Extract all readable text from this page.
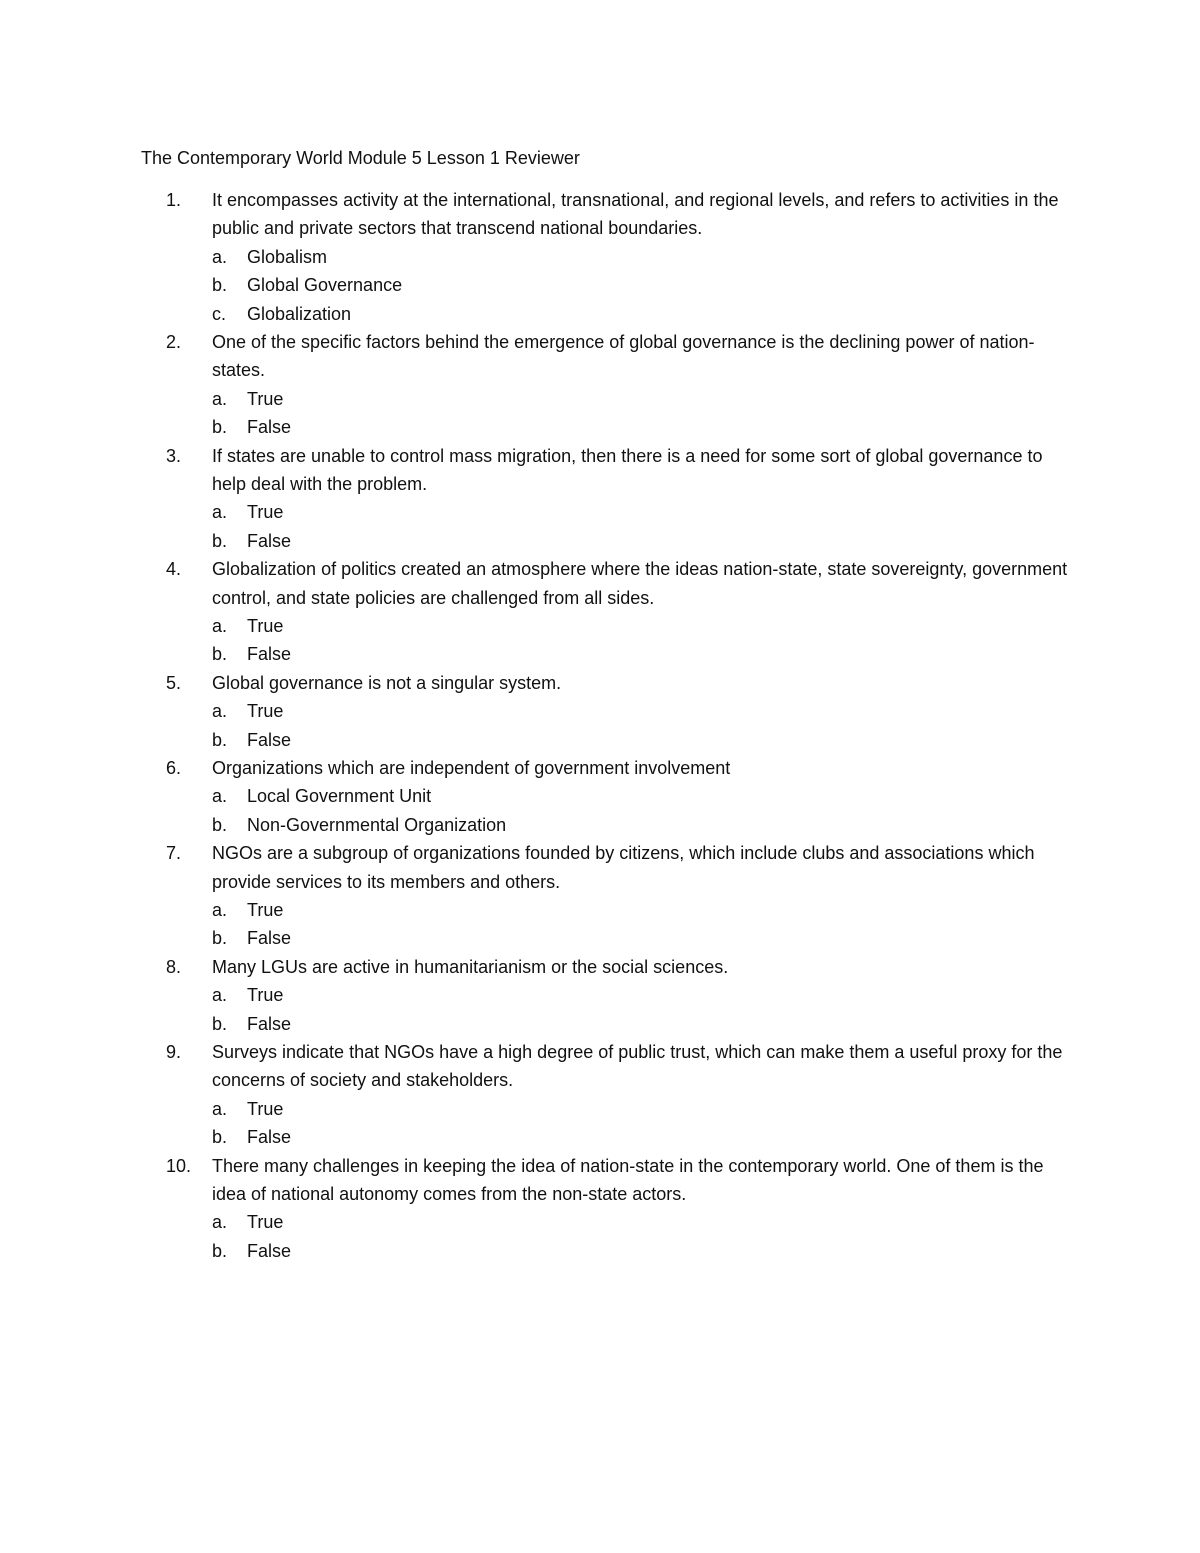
The Contemporary World Module 5 Lesson 1 Reviewer
1.	It encompasses activity at the international, transnational, and regional levels, and refers to activities in the public and private sectors that transcend national boundaries.
a. Globalism
b. Global Governance
c. Globalization
2.	One of the specific factors behind the emergence of global governance is the declining power of nation-states.
a. True
b. False
3.	If states are unable to control mass migration, then there is a need for some sort of global governance to help deal with the problem.
a. True
b. False
4.	Globalization of politics created an atmosphere where the ideas nation-state, state sovereignty, government control, and state policies are challenged from all sides.
a. True
b. False
5.	Global governance is not a singular system.
a. True
b. False
6.	Organizations which are independent of government involvement
a. Local Government Unit
b. Non-Governmental Organization
7.	NGOs are a subgroup of organizations founded by citizens, which include clubs and associations which provide services to its members and others.
a. True
b. False
8.	Many LGUs are active in humanitarianism or the social sciences.
a. True
b. False
9.	Surveys indicate that NGOs have a high degree of public trust, which can make them a useful proxy for the concerns of society and stakeholders.
a. True
b. False
10.	There many challenges in keeping the idea of nation-state in the contemporary world. One of them is the idea of national autonomy comes from the non-state actors.
a. True
b. False
